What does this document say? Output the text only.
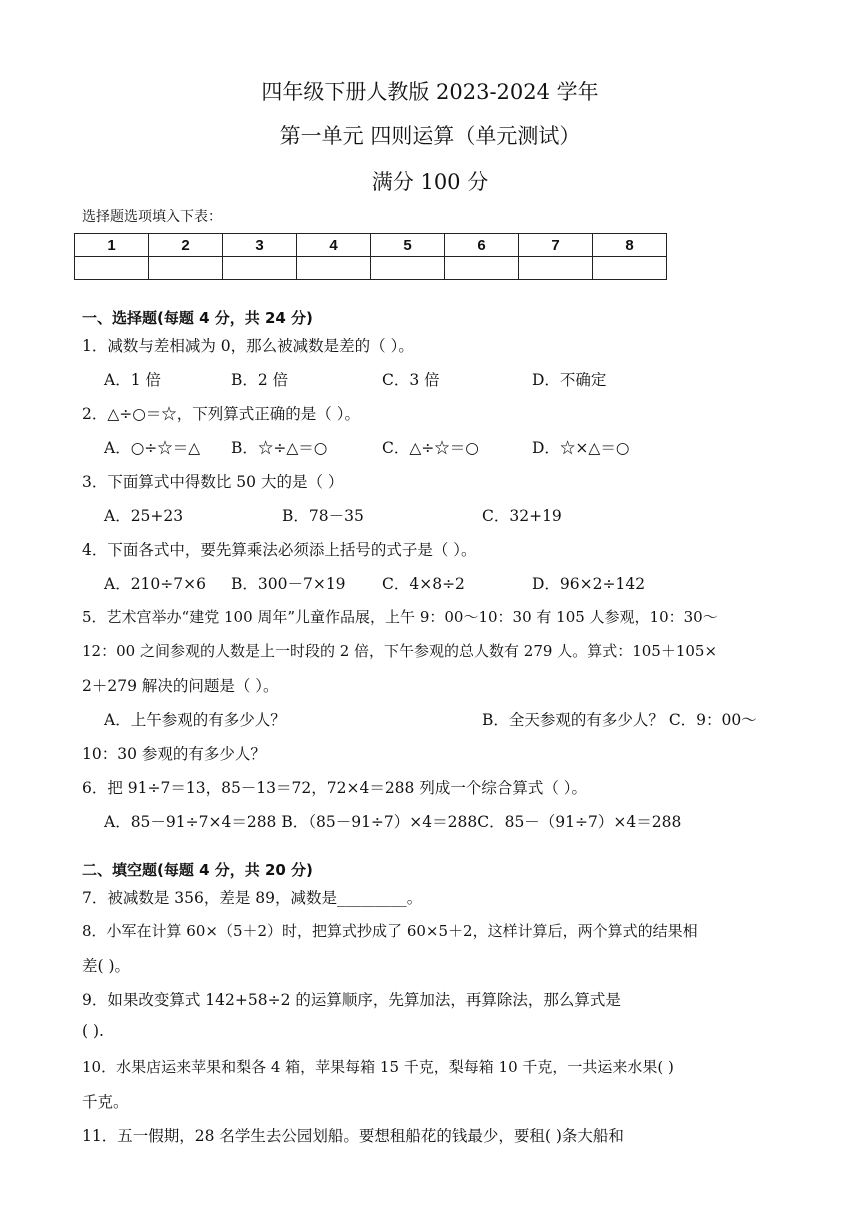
四年级下册人教版 2023-2024 学年
第一单元 四则运算（单元测试）
满分 100 分
选择题选项填入下表：
1	2	3	4	5	6	7	8

一、选择题(每题 4 分，共 24 分)
1．减数与差相减为 0，那么被减数是差的（ ）。
A．1 倍	B．2 倍	C．3 倍	D．不确定
2．△÷○＝☆，下列算式正确的是（ ）。
A．○÷☆＝△ B．☆÷△＝○	C．△÷☆＝○	D．☆×△＝○
3．下面算式中得数比 50 大的是（ ）
A．25+23	B．78－35	C．32+19
4．下面各式中，要先算乘法必须添上括号的式子是（ ）。
A．210÷7×6 B．300－7×19 C．4×8÷2	D．96×2÷142
5．艺术宫举办“建党 100 周年”儿童作品展，上午 9：00～10：30 有 105 人参观，10：30～
12：00 之间参观的人数是上一时段的 2 倍，下午参观的总人数有 279 人。算式：105＋105×
2＋279 解决的问题是（ ）。
A．上午参观的有多少人？	B．全天参观的有多少人？ C．9：00～
10：30 参观的有多少人？
6．把 91÷7＝13，85－13＝72，72×4＝288 列成一个综合算式（ ）。
A．85－91÷7×4＝288 B．（85－91÷7）×4＝288C．85－（91÷7）×4＝288
二、填空题(每题 4 分，共 20 分)
7．被减数是 356，差是 89，减数是_________。
8．小军在计算 60×（5＋2）时，把算式抄成了 60×5＋2，这样计算后，两个算式的结果相
差( )。
9．如果改变算式 142+58÷2 的运算顺序，先算加法，再算除法，那么算式是
( ).
10．水果店运来苹果和梨各 4 箱，苹果每箱 15 千克，梨每箱 10 千克，一共运来水果( )
千克。
11．五一假期，28 名学生去公园划船。要想租船花的钱最少，要租( )条大船和
